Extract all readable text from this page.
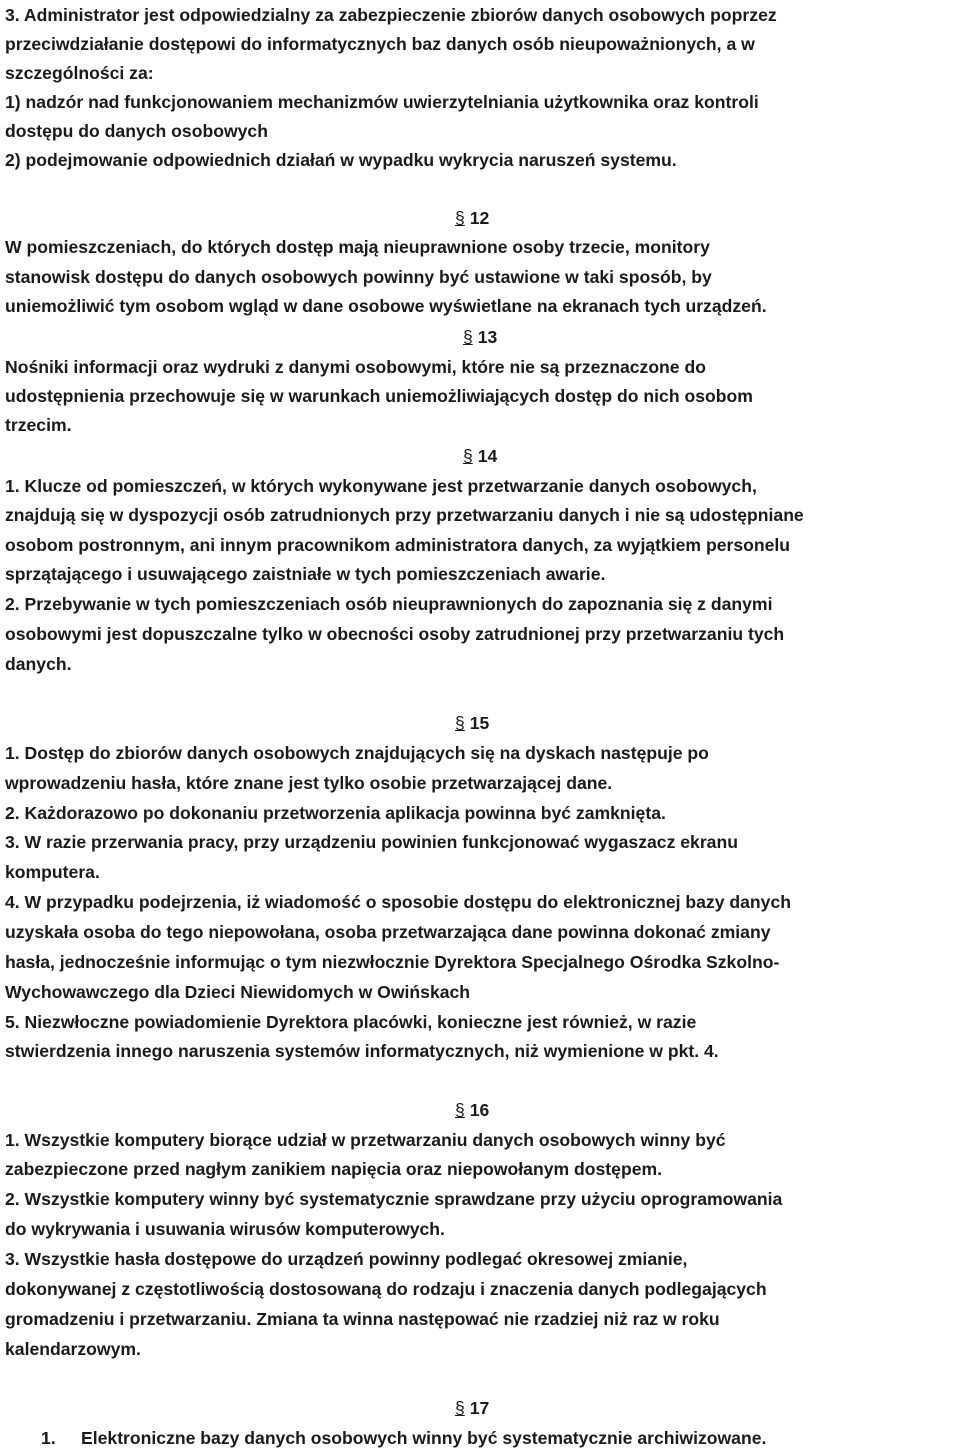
3. Administrator jest odpowiedzialny za zabezpieczenie zbiorów danych osobowych poprzez
przeciwdziałanie dostępowi do informatycznych baz danych osób nieupoważnionych, a w
szczególności za:
1) nadzór nad funkcjonowaniem mechanizmów uwierzytelniania użytkownika oraz kontroli
dostępu do danych osobowych
2) podejmowanie odpowiednich działań w wypadku wykrycia naruszeń systemu.
§ 12
W pomieszczeniach, do których dostęp mają nieuprawnione osoby trzecie, monitory
stanowisk dostępu do danych osobowych powinny być ustawione w taki sposób, by
uniemożliwić tym osobom wgląd w dane osobowe wyświetlane na ekranach tych urządzeń.
§ 13
Nośniki informacji oraz wydruki z danymi osobowymi, które nie są przeznaczone do
udostępnienia przechowuje się w warunkach uniemożliwiających dostęp do nich osobom
trzecim.
§ 14
1. Klucze od pomieszczeń, w których wykonywane jest przetwarzanie danych osobowych,
znajdują się w dyspozycji osób zatrudnionych przy przetwarzaniu danych i nie są udostępniane
osobom postronnym, ani innym pracownikom administratora danych, za wyjątkiem personelu
sprzątającego i usuwającego zaistniałe w tych pomieszczeniach awarie.
2. Przebywanie w tych pomieszczeniach osób nieuprawnionych do zapoznania się z danymi
osobowymi jest dopuszczalne tylko w obecności osoby zatrudnionej przy przetwarzaniu tych
danych.
§ 15
1. Dostęp do zbiorów danych osobowych znajdujących się na dyskach następuje po
wprowadzeniu hasła, które znane jest tylko osobie przetwarzającej dane.
2. Każdorazowo po dokonaniu przetworzenia aplikacja powinna być zamknięta.
3. W razie przerwania pracy, przy urządzeniu powinien funkcjonować wygaszacz ekranu
komputera.
4. W przypadku podejrzenia, iż wiadomość o sposobie dostępu do elektronicznej bazy danych
uzyskała osoba do tego niepowołana, osoba przetwarzająca dane powinna dokonać zmiany
hasła, jednocześnie informując o tym niezwłocznie Dyrektora Specjalnego Ośrodka Szkolno-
Wychowawczego dla Dzieci Niewidomych w Owińskach
5. Niezwłoczne powiadomienie Dyrektora placówki, konieczne jest również, w razie
stwierdzenia innego naruszenia systemów informatycznych, niż wymienione w pkt. 4.
§ 16
1. Wszystkie komputery biorące udział w przetwarzaniu danych osobowych winny być
zabezpieczone przed nagłym zanikiem napięcia oraz niepowołanym dostępem.
2. Wszystkie komputery winny być systematycznie sprawdzane przy użyciu oprogramowania
do wykrywania i usuwania wirusów komputerowych.
3. Wszystkie hasła dostępowe do urządzeń powinny podlegać okresowej zmianie,
dokonywanej z częstotliwością dostosowaną do rodzaju i znaczenia danych podlegających
gromadzeniu i przetwarzaniu. Zmiana ta winna następować nie rzadziej niż raz w roku
kalendarzowym.
§ 17
1. Elektroniczne bazy danych osobowych winny być systematycznie archiwizowane.
